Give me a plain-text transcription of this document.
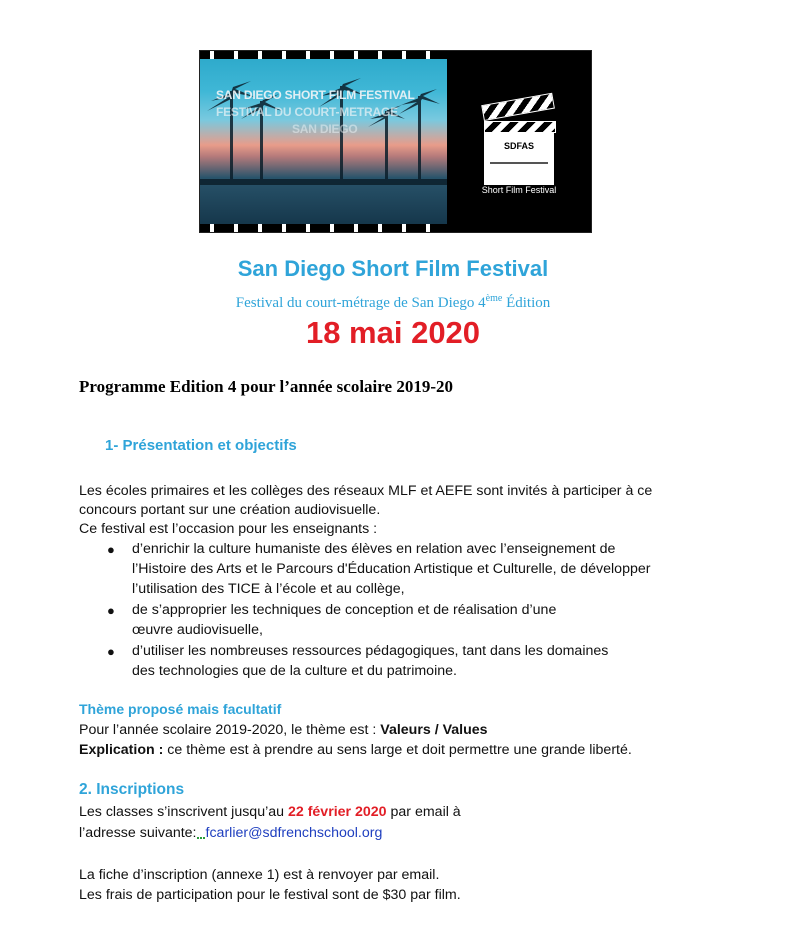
SAN DIEGO SHORT FILM FESTIVAL
FESTIVAL DU COURT-METRAGE
SAN DIEGO
SDFAS
Short Film Festival
San Diego Short Film Festival
Festival du court-métrage de San Diego 4ème Édition
18 mai 2020
Programme Edition 4 pour l’année scolaire 2019-20
1- Présentation et objectifs
Les écoles primaires et les collèges des réseaux MLF et AEFE sont invités à participer à ce
concours portant sur une création audiovisuelle.
Ce festival est l’occasion pour les enseignants :
● d’enrichir la culture humaniste des élèves en relation avec l’enseignement de
l’Histoire des Arts et le Parcours d'Éducation Artistique et Culturelle, de développer
l’utilisation des TICE à l’école et au collège,
● de s’approprier les techniques de conception et de réalisation d’une
œuvre audiovisuelle,
● d’utiliser les nombreuses ressources pédagogiques, tant dans les domaines
des technologies que de la culture et du patrimoine.
Thème proposé mais facultatif
Pour l’année scolaire 2019-2020, le thème est : Valeurs / Values
Explication : ce thème est à prendre au sens large et doit permettre une grande liberté.
2. Inscriptions
Les classes s’inscrivent jusqu’au 22 février 2020 par email à
l’adresse suivante: fcarlier@sdfrenchschool.org
La fiche d’inscription (annexe 1) est à renvoyer par email.
Les frais de participation pour le festival sont de $30 par film.
